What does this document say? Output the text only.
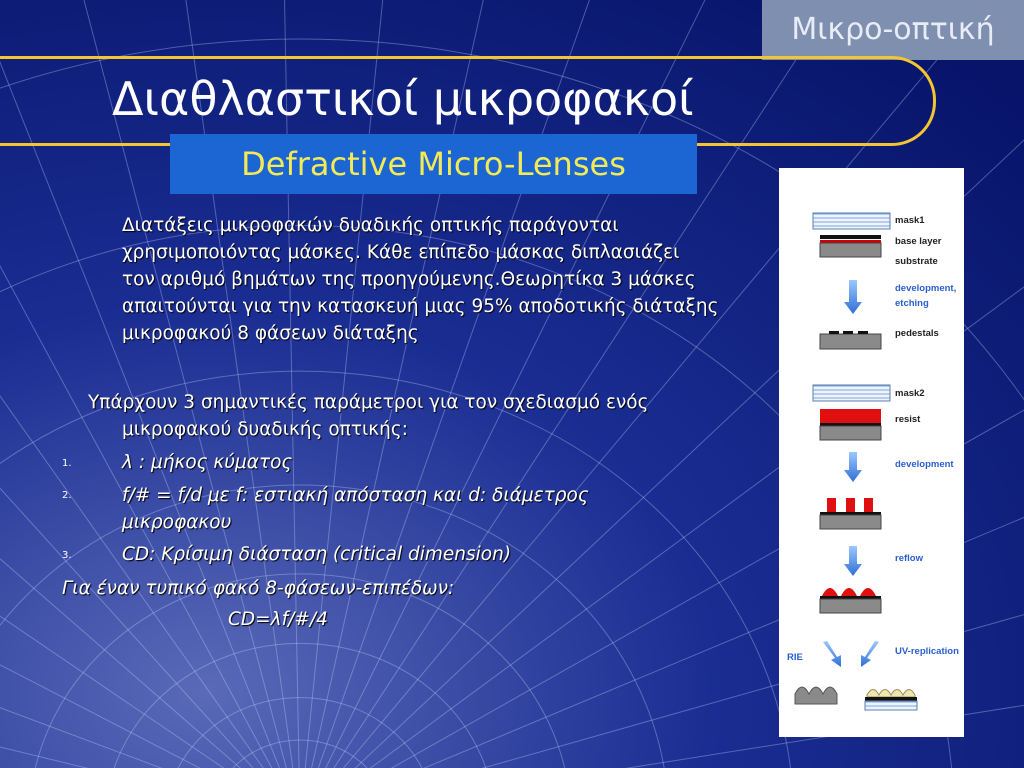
Μικρο-οπτική
Διαθλαστικοί μικροφακοί
Defractive Micro-Lenses
Διατάξεις μικροφακών δυαδικής οπτικής παράγονται
χρησιμοποιόντας μάσκες. Κάθε επίπεδο μάσκας διπλασιάζει
τον αριθμό βημάτων της προηγούμενης.Θεωρητίκα 3 μάσκες
απαιτούνται για την κατασκευή μιας 95% αποδοτικής διάταξης
μικροφακού 8 φάσεων διάταξης
Υπάρχουν 3 σημαντικές παράμετροι για τον σχεδιασμό ενός
μικροφακού δυαδικής οπτικής:
1.	λ : μήκος κύματος
2.	f/# = f/d με f: εστιακή απόσταση και d: διάμετρος
μικροφακου
3.	CD: Κρίσιμη διάσταση (critical dimension)
Για έναν τυπικό φακό 8-φάσεων-επιπέδων:
CD=λf/#/4
mask1
base layer
substrate
development,
etching
pedestals
mask2
resist
development
reflow
RIE
UV-replication
